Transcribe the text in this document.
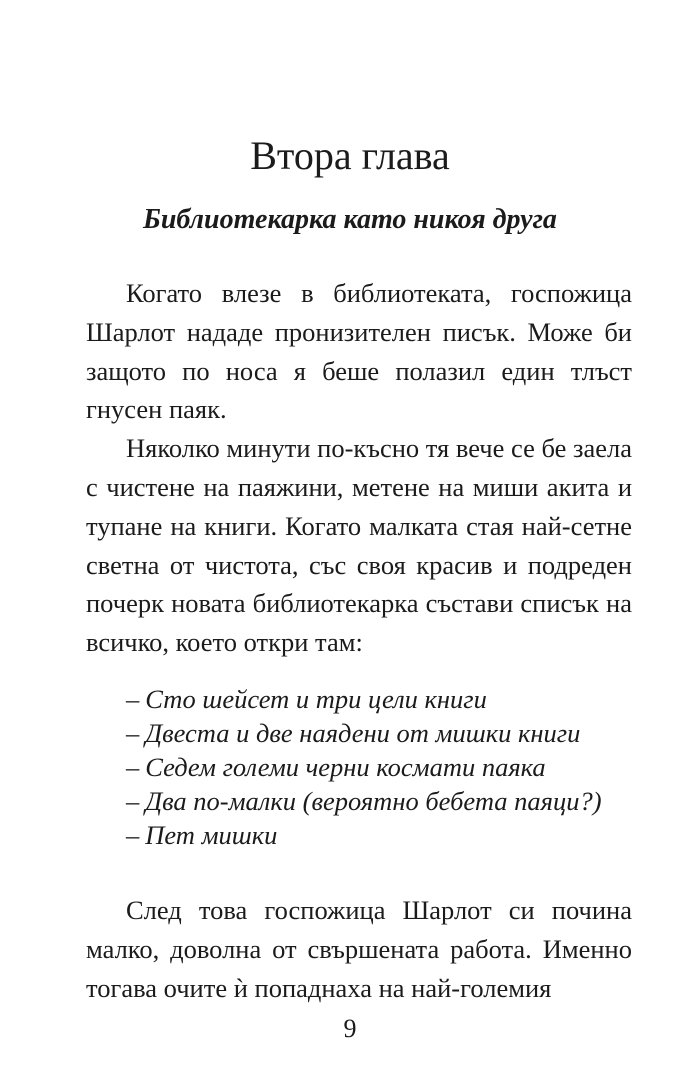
Втора глава
Библиотекарка като никоя друга

Когато влезе в библиотеката, госпожица Шарлот нададе пронизителен писък. Може би защото по носа я беше полазил един тлъст гнусен паяк.

Няколко минути по-късно тя вече се бе заела с чистене на паяжини, метене на миши акита и тупане на книги. Когато малката стая най-сетне светна от чистота, със своя красив и подреден почерк новата библиотекарка състави списък на всичко, което откри там:

– Сто шейсет и три цели книги
– Двеста и две наядени от мишки книги
– Седем големи черни космати паяка
– Два по-малки (вероятно бебета паяци?)
– Пет мишки

След това госпожица Шарлот си почина малко, доволна от свършената работа. Именно тогава очите ѝ попаднаха на най-големия

9
